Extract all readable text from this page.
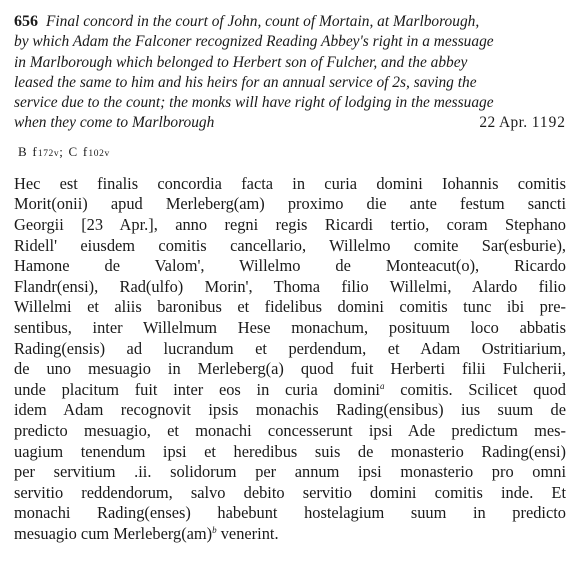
656 Final concord in the court of John, count of Mortain, at Marlborough,
by which Adam the Falconer recognized Reading Abbey's right in a messuage
in Marlborough which belonged to Herbert son of Fulcher, and the abbey
leased the same to him and his heirs for an annual service of 2s, saving the
service due to the count; the monks will have right of lodging in the messuage
when they come to Marlborough	22 Apr. 1192
B f172v; C f102v
Hec est finalis concordia facta in curia domini Iohannis comitis
Morit(onii) apud Merleberg(am) proximo die ante festum sancti
Georgii [23 Apr.], anno regni regis Ricardi tertio, coram Stephano
Ridell' eiusdem comitis cancellario, Willelmo comite Sar(esburie),
Hamone de Valom', Willelmo de Monteacut(o), Ricardo
Flandr(ensi), Rad(ulfo) Morin', Thoma filio Willelmi, Alardo filio
Willelmi et aliis baronibus et fidelibus domini comitis tunc ibi pre-
sentibus, inter Willelmum Hese monachum, posituum loco abbatis
Rading(ensis) ad lucrandum et perdendum, et Adam Ostritiarium,
de uno mesuagio in Merleberg(a) quod fuit Herberti filii Fulcherii,
unde placitum fuit inter eos in curia domini$^a$ comitis. Scilicet quod
idem Adam recognovit ipsis monachis Rading(ensibus) ius suum de
predicto mesuagio, et monachi concesserunt ipsi Ade predictum mes-
uagium tenendum ipsi et heredibus suis de monasterio Rading(ensi)
per servitium .ii. solidorum per annum ipsi monasterio pro omni
servitio reddendorum, salvo debito servitio domini comitis inde. Et
monachi Rading(enses) habebunt hostelagium suum in predicto
mesuagio cum Merleberg(am)$^b$ venerint.
